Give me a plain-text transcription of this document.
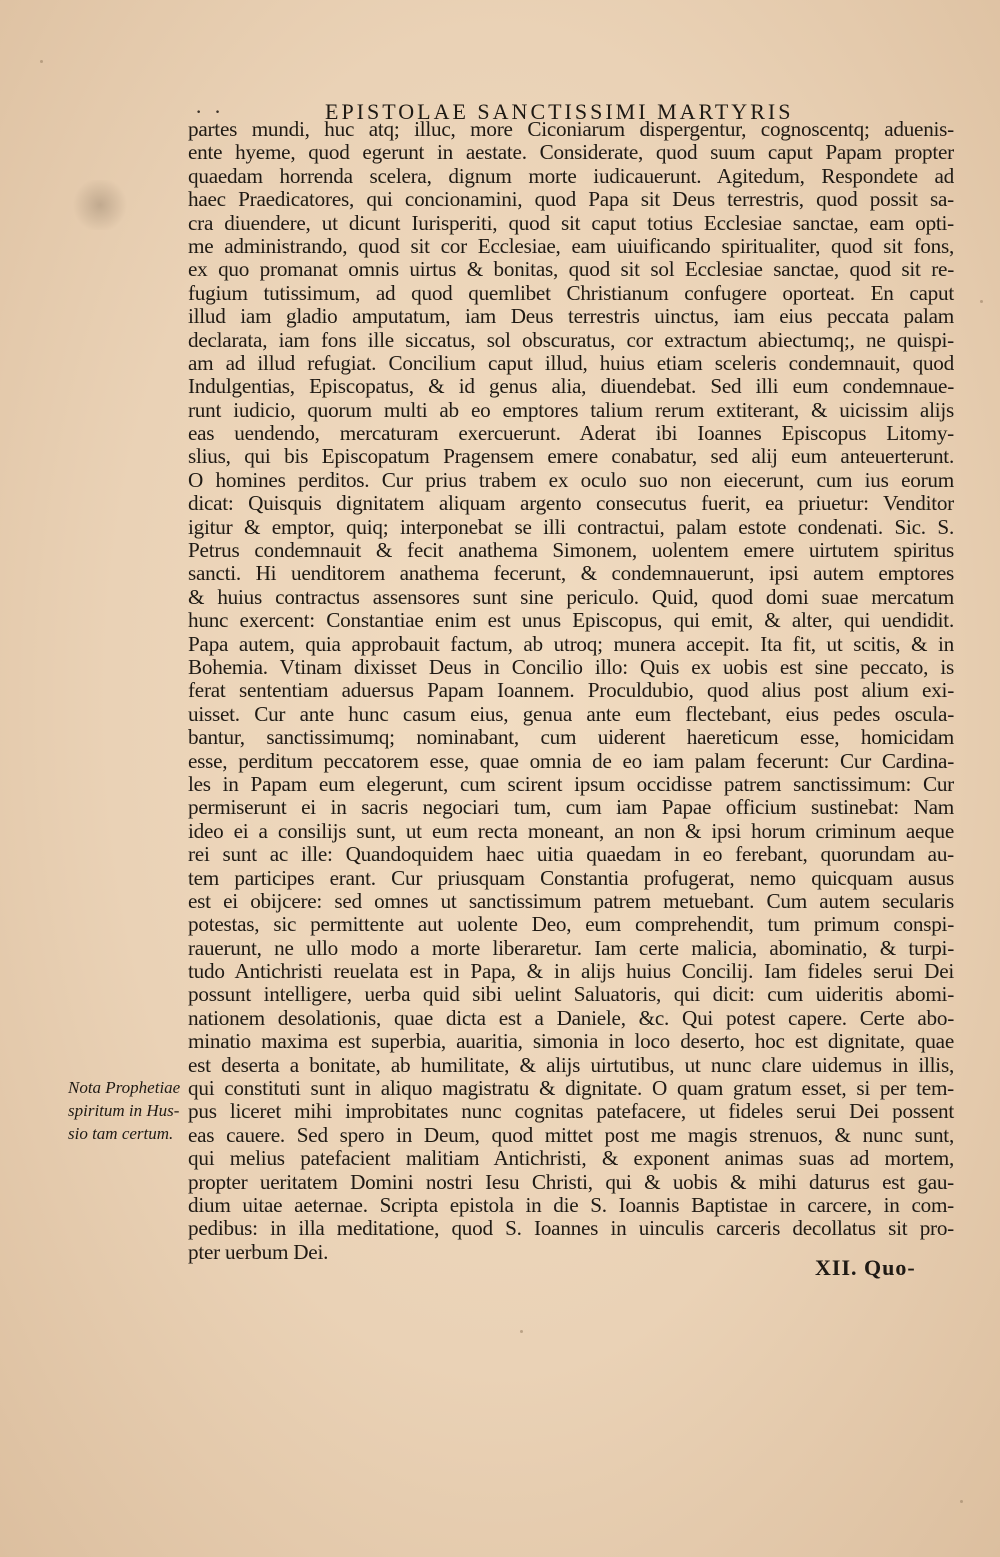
· ·	EPISTOLAE SANCTISSIMI MARTYRIS
partes mundi, huc atq; illuc, more Ciconiarum dispergentur, cognoscentq; aduenis-
ente hyeme, quod egerunt in aestate. Considerate, quod suum caput Papam propter
quaedam horrenda scelera, dignum morte iudicauerunt. Agitedum, Respondete ad
haec Praedicatores, qui concionamini, quod Papa sit Deus terrestris, quod possit sa-
cra diuendere, ut dicunt Iurisperiti, quod sit caput totius Ecclesiae sanctae, eam opti-
me administrando, quod sit cor Ecclesiae, eam uiuificando spiritualiter, quod sit fons,
ex quo promanat omnis uirtus & bonitas, quod sit sol Ecclesiae sanctae, quod sit re-
fugium tutissimum, ad quod quemlibet Christianum confugere oporteat. En caput
illud iam gladio amputatum, iam Deus terrestris uinctus, iam eius peccata palam
declarata, iam fons ille siccatus, sol obscuratus, cor extractum abiectumq;, ne quispi-
am ad illud refugiat. Concilium caput illud, huius etiam sceleris condemnauit, quod
Indulgentias, Episcopatus, & id genus alia, diuendebat. Sed illi eum condemnaue-
runt iudicio, quorum multi ab eo emptores talium rerum extiterant, & uicissim alijs
eas uendendo, mercaturam exercuerunt. Aderat ibi Ioannes Episcopus Litomy-
slius, qui bis Episcopatum Pragensem emere conabatur, sed alij eum anteuerterunt.
O homines perditos. Cur prius trabem ex oculo suo non eiecerunt, cum ius eorum
dicat: Quisquis dignitatem aliquam argento consecutus fuerit, ea priuetur: Venditor
igitur & emptor, quiq; interponebat se illi contractui, palam estote condenati. Sic. S.
Petrus condemnauit & fecit anathema Simonem, uolentem emere uirtutem spiritus
sancti. Hi uenditorem anathema fecerunt, & condemnauerunt, ipsi autem emptores
& huius contractus assensores sunt sine periculo. Quid, quod domi suae mercatum
hunc exercent: Constantiae enim est unus Episcopus, qui emit, & alter, qui uendidit.
Papa autem, quia approbauit factum, ab utroq; munera accepit. Ita fit, ut scitis, & in
Bohemia. Vtinam dixisset Deus in Concilio illo: Quis ex uobis est sine peccato, is
ferat sententiam aduersus Papam Ioannem. Proculdubio, quod alius post alium exi-
uisset. Cur ante hunc casum eius, genua ante eum flectebant, eius pedes oscula-
bantur, sanctissimumq; nominabant, cum uiderent haereticum esse, homicidam
esse, perditum peccatorem esse, quae omnia de eo iam palam fecerunt: Cur Cardina-
les in Papam eum elegerunt, cum scirent ipsum occidisse patrem sanctissimum: Cur
permiserunt ei in sacris negociari tum, cum iam Papae officium sustinebat: Nam
ideo ei a consilijs sunt, ut eum recta moneant, an non & ipsi horum criminum aeque
rei sunt ac ille: Quandoquidem haec uitia quaedam in eo ferebant, quorundam au-
tem participes erant. Cur priusquam Constantia profugerat, nemo quicquam ausus
est ei obijcere: sed omnes ut sanctissimum patrem metuebant. Cum autem secularis
potestas, sic permittente aut uolente Deo, eum comprehendit, tum primum conspi-
rauerunt, ne ullo modo a morte liberaretur. Iam certe malicia, abominatio, & turpi-
tudo Antichristi reuelata est in Papa, & in alijs huius Concilij. Iam fideles serui Dei
possunt intelligere, uerba quid sibi uelint Saluatoris, qui dicit: cum uideritis abomi-
nationem desolationis, quae dicta est a Daniele, &c. Qui potest capere. Certe abo-
minatio maxima est superbia, auaritia, simonia in loco deserto, hoc est dignitate, quae
est deserta a bonitate, ab humilitate, & alijs uirtutibus, ut nunc clare uidemus in illis,
qui constituti sunt in aliquo magistratu & dignitate. O quam gratum esset, si per tem-
pus liceret mihi improbitates nunc cognitas patefacere, ut fideles serui Dei possent
eas cauere. Sed spero in Deum, quod mittet post me magis strenuos, & nunc sunt,
qui melius patefacient malitiam Antichristi, & exponent animas suas ad mortem,
propter ueritatem Domini nostri Iesu Christi, qui & uobis & mihi daturus est gau-
dium uitae aeternae. Scripta epistola in die S. Ioannis Baptistae in carcere, in com-
pedibus: in illa meditatione, quod S. Ioannes in uinculis carceris decollatus sit pro-
pter uerbum Dei.
Nota Prophetiae
spiritum in Hus-
sio tam certum.
XII. Quo-
